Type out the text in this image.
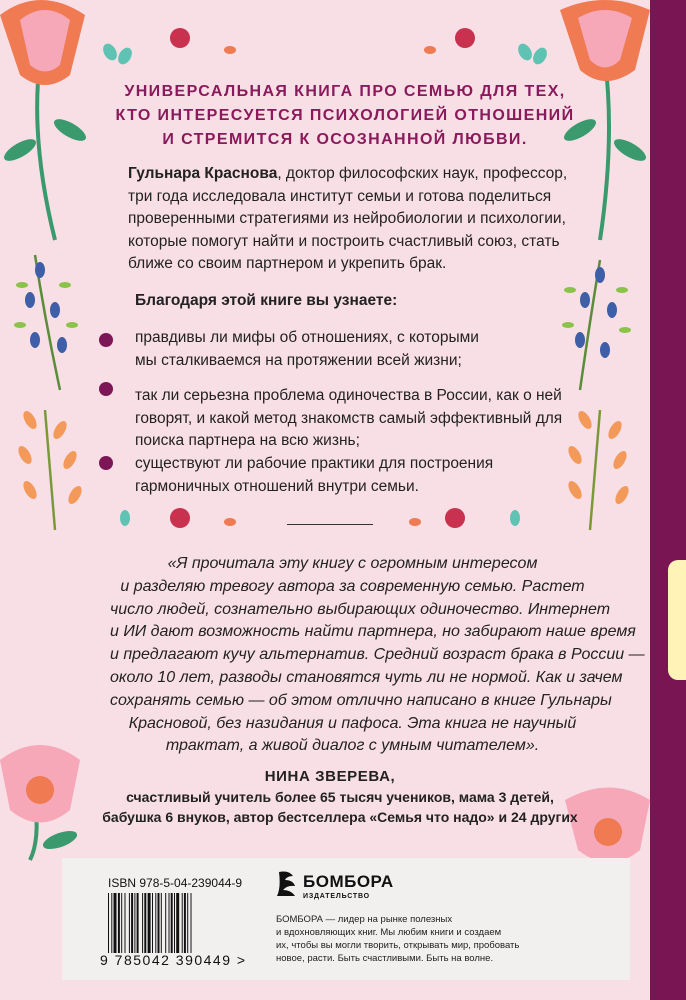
УНИВЕРСАЛЬНАЯ КНИГА ПРО СЕМЬЮ ДЛЯ ТЕХ,
КТО ИНТЕРЕСУЕТСЯ ПСИХОЛОГИЕЙ ОТНОШЕНИЙ
И СТРЕМИТСЯ К ОСОЗНАННОЙ ЛЮБВИ.
Гульнара Краснова, доктор философских наук, профессор,
три года исследовала институт семьи и готова поделиться
проверенными стратегиями из нейробиологии и психологии,
которые помогут найти и построить счастливый союз, стать
ближе со своим партнером и укрепить брак.
Благодаря этой книге вы узнаете:
правдивы ли мифы об отношениях, с которыми
мы сталкиваемся на протяжении всей жизни;
так ли серьезна проблема одиночества в России, как о ней
говорят, и какой метод знакомств самый эффективный для
поиска партнера на всю жизнь;
существуют ли рабочие практики для построения
гармоничных отношений внутри семьи.
«Я прочитала эту книгу с огромным интересом
и разделяю тревогу автора за современную семью. Растет
число людей, сознательно выбирающих одиночество. Интернет
и ИИ дают возможность найти партнера, но забирают наше время
и предлагают кучу альтернатив. Средний возраст брака в России —
около 10 лет, разводы становятся чуть ли не нормой. Как и зачем
сохранять семью — об этом отлично написано в книге Гульнары
Красновой, без назидания и пафоса. Эта книга не научный
трактат, а живой диалог с умным читателем».
НИНА ЗВЕРЕВА,
счастливый учитель более 65 тысяч учеников, мама 3 детей,
бабушка 6 внуков, автор бестселлера «Семья что надо» и 24 других
ISBN 978-5-04-239044-9
9 785042 390449 >
БОМБОРА
ИЗДАТЕЛЬСТВО
БОМБОРА — лидер на рынке полезных
и вдохновляющих книг. Мы любим книги и создаем
их, чтобы вы могли творить, открывать мир, пробовать
новое, расти. Быть счастливыми. Быть на волне.
